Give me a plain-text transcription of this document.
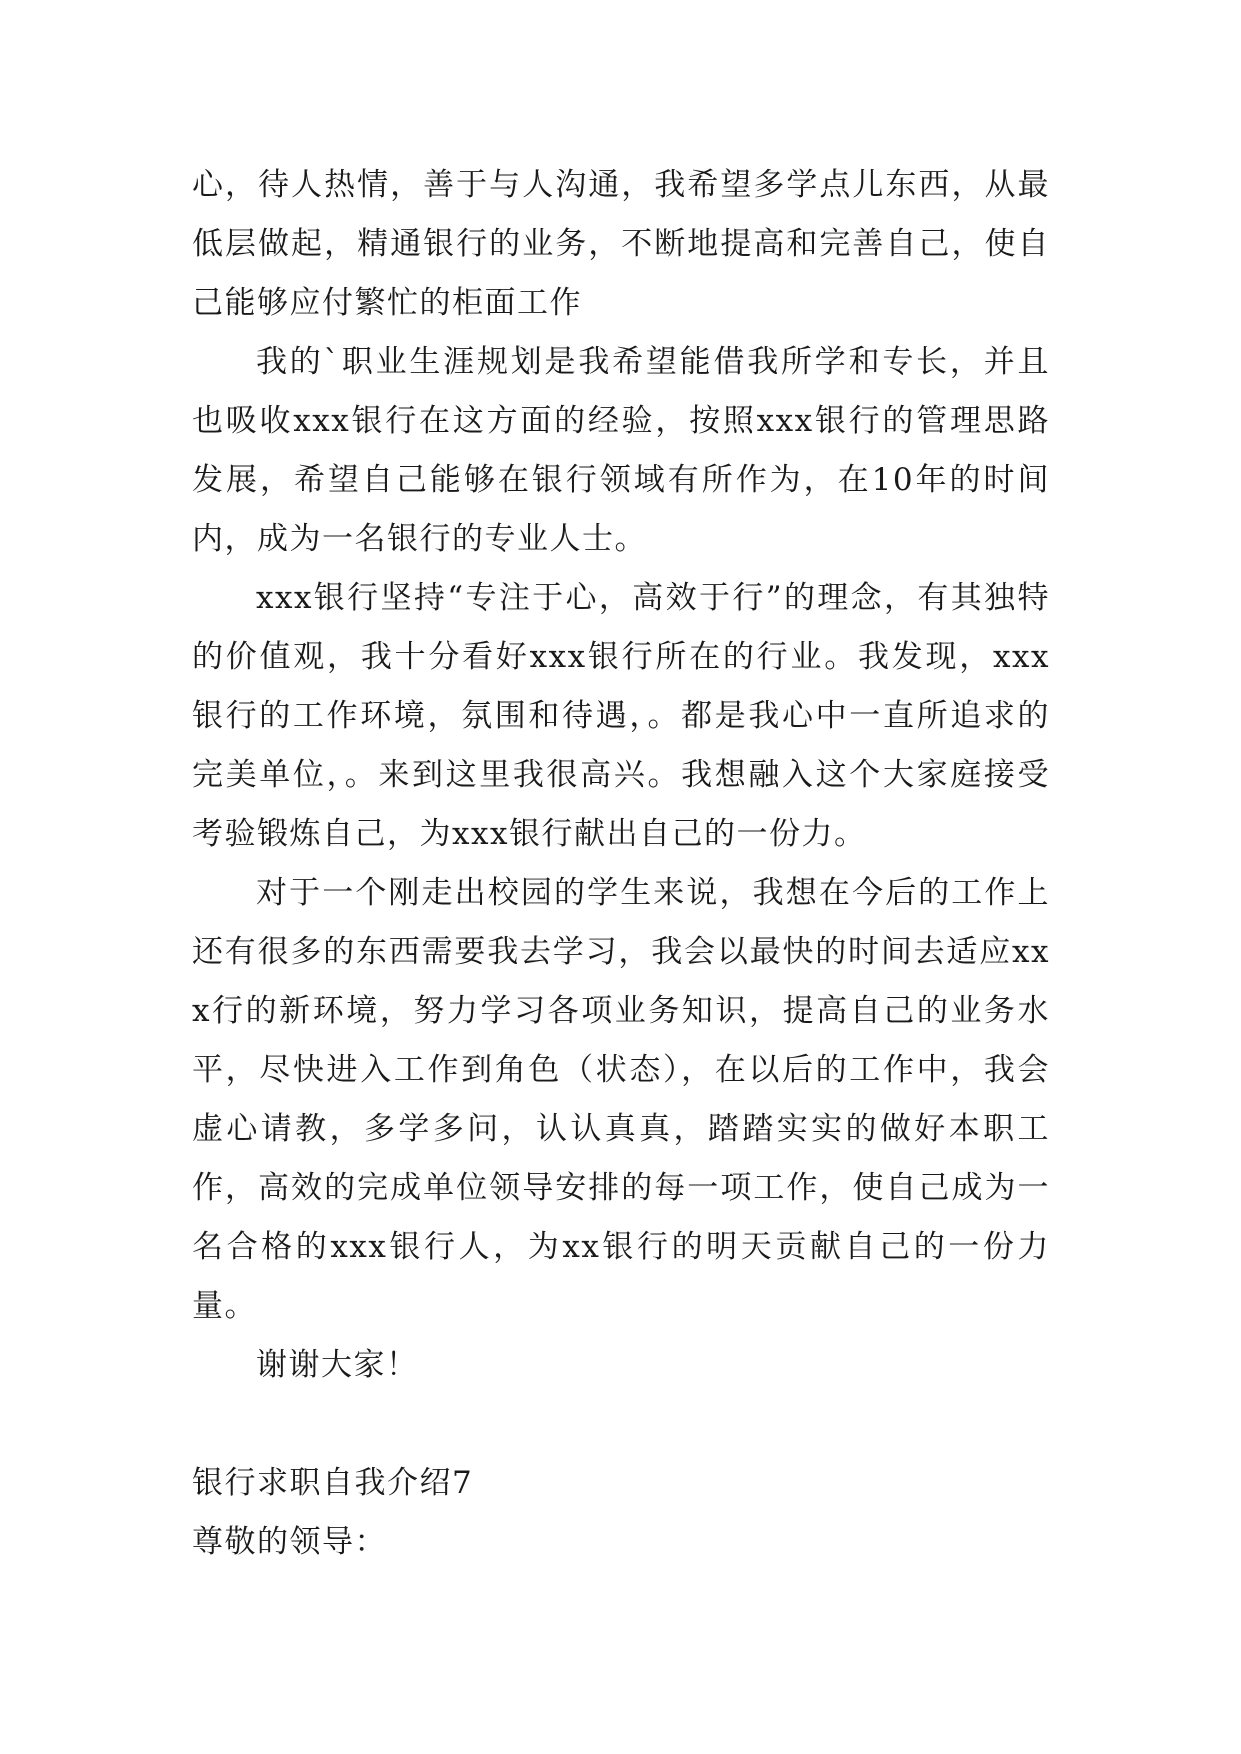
心，待人热情，善于与人沟通，我希望多学点儿东西，从最低层做起，精通银行的业务，不断地提高和完善自己，使自己能够应付繁忙的柜面工作

我的`职业生涯规划是我希望能借我所学和专长，并且也吸收xxx银行在这方面的经验，按照xxx银行的管理思路发展，希望自己能够在银行领域有所作为，在10年的时间内，成为一名银行的专业人士。

xxx银行坚持“专注于心，高效于行”的理念，有其独特的价值观，我十分看好xxx银行所在的行业。我发现，xxx银行的工作环境，氛围和待遇，。都是我心中一直所追求的完美单位，。来到这里我很高兴。我想融入这个大家庭接受考验锻炼自己，为xxx银行献出自己的一份力。

对于一个刚走出校园的学生来说，我想在今后的工作上还有很多的东西需要我去学习，我会以最快的时间去适应xxx行的新环境，努力学习各项业务知识，提高自己的业务水平，尽快进入工作到角色（状态），在以后的工作中，我会虚心请教，多学多问，认认真真，踏踏实实的做好本职工作，高效的完成单位领导安排的每一项工作，使自己成为一名合格的xxx银行人，为xx银行的明天贡献自己的一份力量。

谢谢大家！

银行求职自我介绍7

尊敬的领导：
